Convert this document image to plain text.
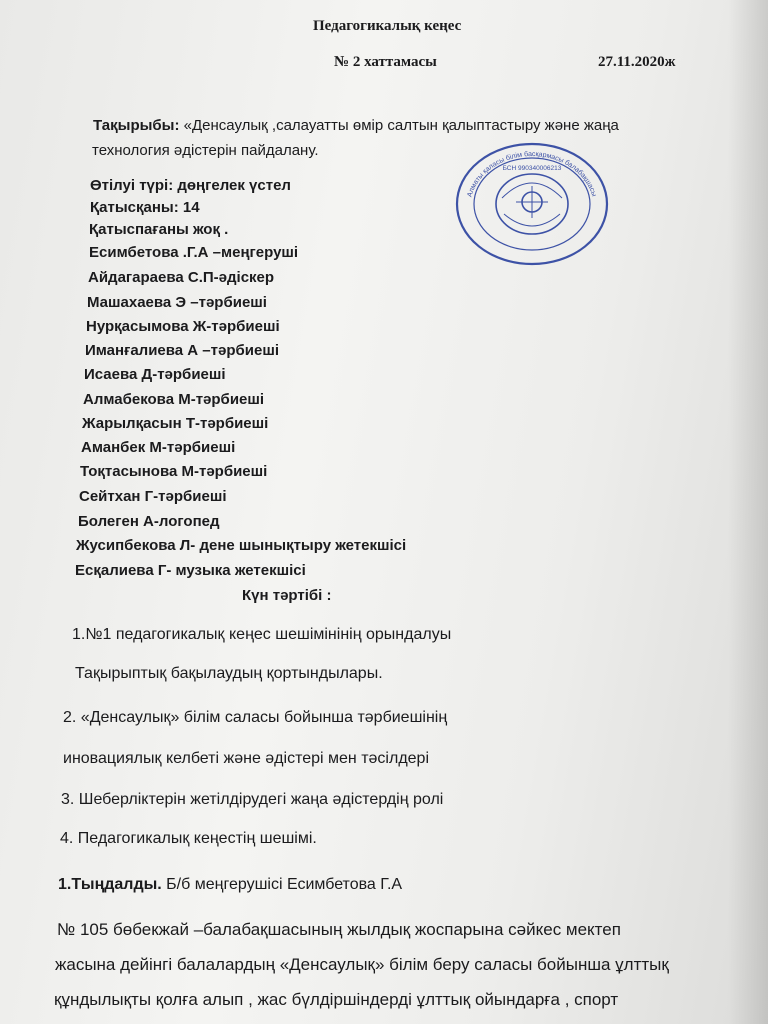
Педагогикалық кеңес
№ 2 хаттамасы	27.11.2020ж
Тақырыбы: «Денсаулық ,салауатты өмір салтын қалыптастыру және жаңа
технология әдістерін пайдалану.
Өтілуі түрі: дөңгелек үстел
Қатысқаны: 14
Қатыспағаны жоқ .
Есимбетова .Г.А –меңгеруші
Айдагараева С.П-әдіскер
Машахаева Э –тәрбиеші
Нурқасымова Ж-тәрбиеші
Иманғалиева А –тәрбиеші
Исаева Д-тәрбиеші
Алмабекова М-тәрбиеші
Жарылқасын Т-тәрбиеші
Аманбек М-тәрбиеші
Тоқтасынова М-тәрбиеші
Сейтхан Г-тәрбиеші
Болеген А-логопед
Жусипбекова Л- дене шынықтыру жетекшісі
Есқалиева Г- музыка жетекшісі
Күн тәртібі :
1.№1 педагогикалық кеңес шешімінінің орындалуы
Тақырыптық бақылаудың қортындылары.
2. «Денсаулық» білім саласы бойынша тәрбиешінің
иновациялық келбеті және әдістері мен тәсілдері
3. Шеберліктерін жетілдірудегі жаңа әдістердің ролі
4. Педагогикалық кеңестің шешімі.
1.Тыңдалды. Б/б меңгерушісі Есимбетова Г.А
№ 105 бөбекжай –балабақшасының жылдық жоспарына сәйкес мектеп
жасына дейінгі балалардың «Денсаулық» білім беру саласы бойынша ұлттық
құндылықты қолға алып , жас бүлдіршіндерді ұлттық ойындарға , спорт
Алматы қаласы білім басқармасы балабақшасы
БСН 990340006213
